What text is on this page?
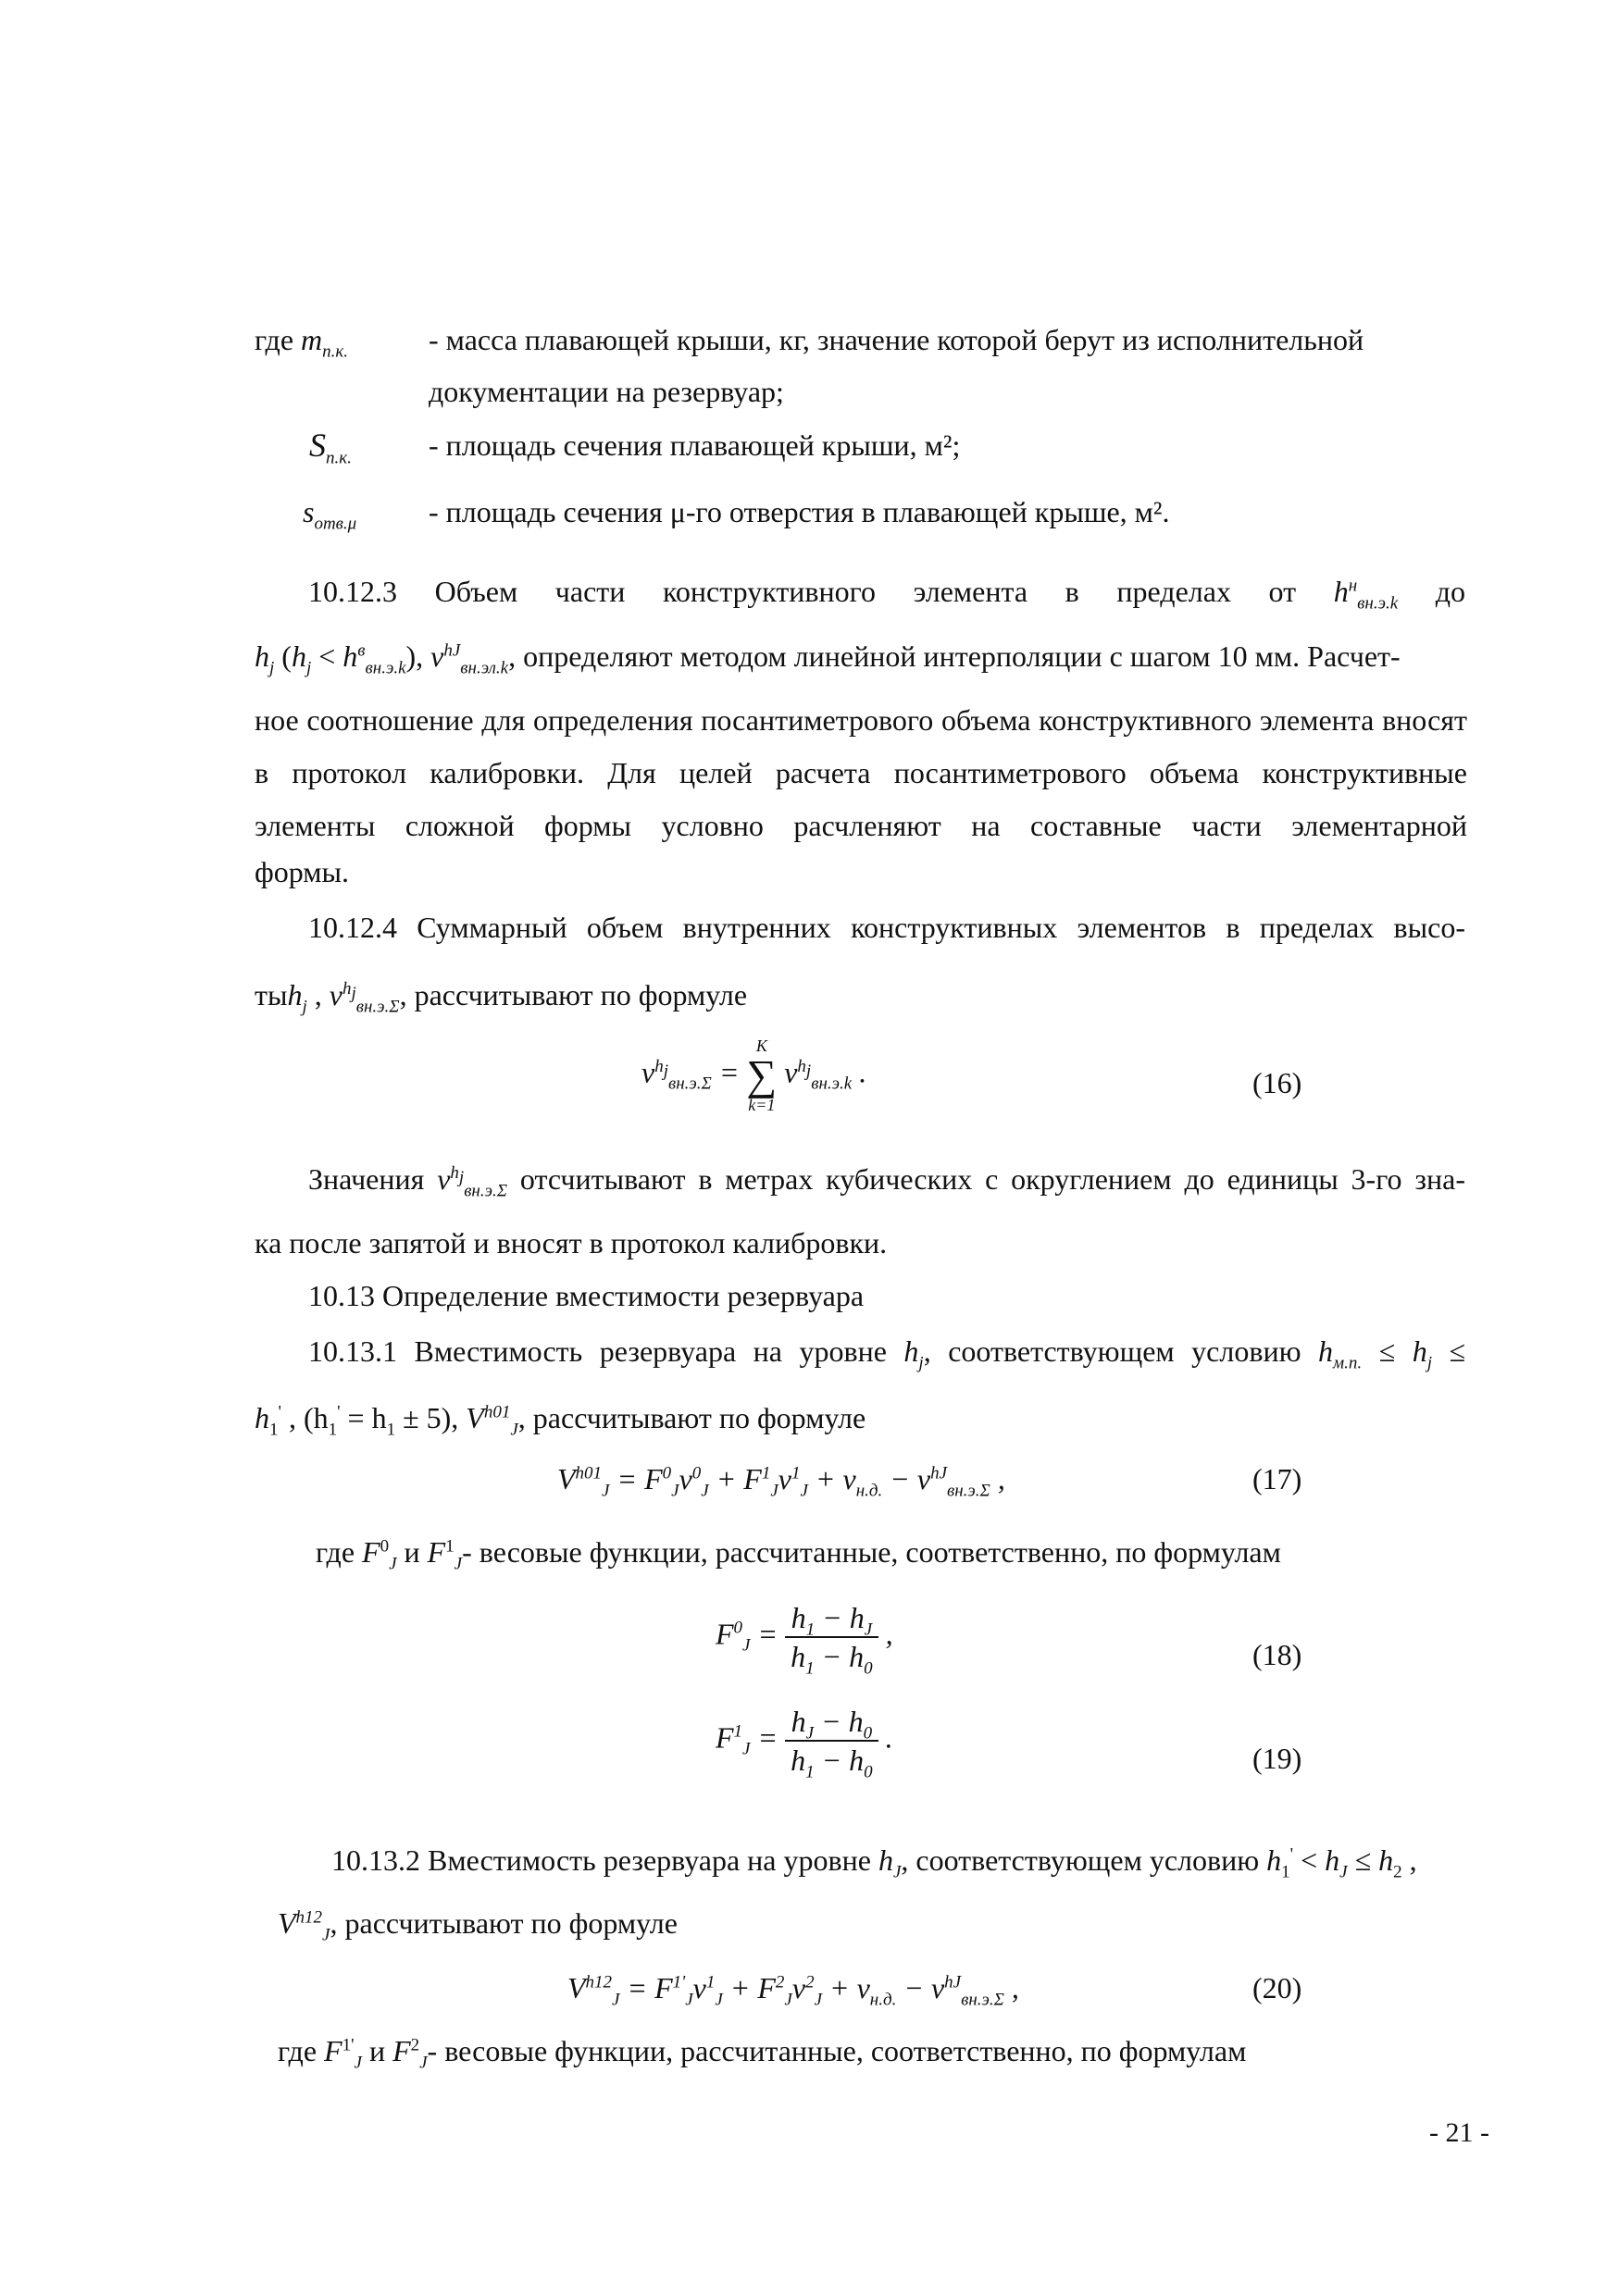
где $m_{п.к.}$	- масса плавающей крыши, кг, значение которой берут из исполнительной
документации на резервуар;
$S_{п.к.}$	- площадь сечения плавающей крыши, м²;
$s_{отв.\mu}$ - площадь сечения μ-го отверстия в плавающей крыше, м².
10.12.3 Объем части конструктивного элемента в пределах от $h^н_{вн.э.k}$ до
$h_j$ $(h_j < h^в_{вн.э.k})$, $v^{hJ}_{вн.эл.k}$, определяют методом линейной интерполяции с шагом 10 мм. Расчет-
ное соотношение для определения посантиметрового объема конструктивного элемента вносят в протокол калибровки. Для целей расчета посантиметрового объема конструктивные элементы сложной формы условно расчленяют на составные части элементарной
формы.
10.12.4 Суммарный объем внутренних конструктивных элементов в пределах высо-
тыh$_j$ , $v^{h_j}_{вн.э.\Sigma}$, рассчитывают по формуле
$v^{h_j}_{вн.э.\Sigma}$ =
K
∑
k=1
$v^{h_j}_{вн.э.k}$ .	(16)
Значения $v^{h_j}_{вн.э.\Sigma}$ отсчитывают в метрах кубических с округлением до единицы 3-го зна-
ка после запятой и вносят в протокол калибровки.
10.13 Определение вместимости резервуара
10.13.1 Вместимость резервуара на уровне $h_j$, соответствующем условию $h_{м.п.} \le h_j$ ≤
$h_1'$ , $(h_1' = h_1 \pm 5)$, $V^{h01}_J$, рассчитывают по формуле
$V^{h01}_J = F^0_Jv^0_J + F^1_Jv^1_J + v_{н.д.} - v^{hJ}_{вн.э.\Sigma}$ ,	(17)
где $F^0_J$ и $F^1_J-$ весовые функции, рассчитанные, соответственно, по формулам
$F^0_J = \frac{h_1 - h_J}{h_1 - h_0}$ ,
(18)
$F^1_J = \frac{h_J - h_0}{h_1 - h_0}$ .
(19)
10.13.2 Вместимость резервуара на уровне $h_J$, соответствующем условию $h_1' < h_J \le h_2$ ,
$V^{h12}_J$, рассчитывают по формуле
$V^{h12}_J = F^{1'}_Jv^1_J + F^2_Jv^2_J + v_{н.д.} - v^{hJ}_{вн.э.\Sigma}$ ,	(20)
где $F^{1'}_J$ и $F^2_J-$ весовые функции, рассчитанные, соответственно, по формулам
- 21 -
